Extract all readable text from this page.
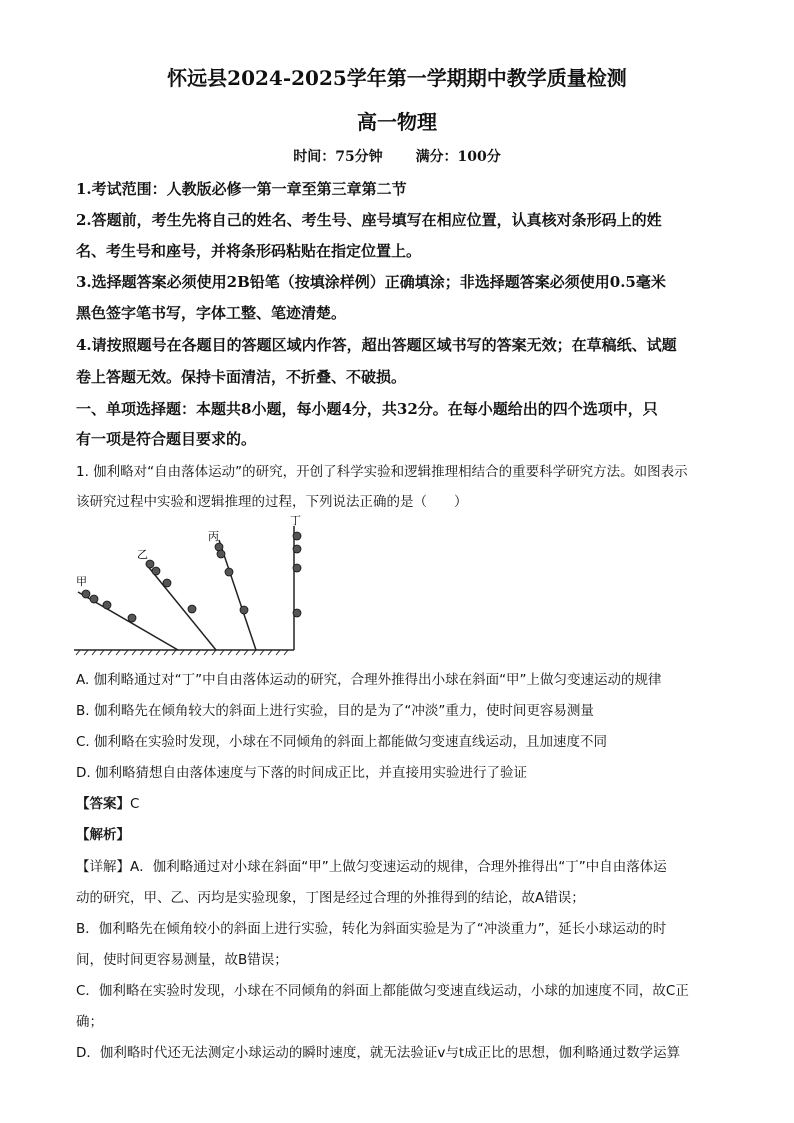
怀远县2024-2025学年第一学期期中教学质量检测
高一物理
时间：75分钟 满分：100分
1.考试范围：人教版必修一第一章至第三章第二节
2.答题前，考生先将自己的姓名、考生号、座号填写在相应位置，认真核对条形码上的姓
名、考生号和座号，并将条形码粘贴在指定位置上。
3.选择题答案必须使用2B铅笔（按填涂样例）正确填涂；非选择题答案必须使用0.5毫米
黑色签字笔书写，字体工整、笔迹清楚。
4.请按照题号在各题目的答题区域内作答，超出答题区域书写的答案无效；在草稿纸、试题
卷上答题无效。保持卡面清洁，不折叠、不破损。
一、单项选择题：本题共8小题，每小题4分，共32分。在每小题给出的四个选项中，只
有一项是符合题目要求的。
1. 伽利略对“自由落体运动”的研究，开创了科学实验和逻辑推理相结合的重要科学研究方法。如图表示
该研究过程中实验和逻辑推理的过程，下列说法正确的是（　　）
甲
乙
丙
丁
A. 伽利略通过对“丁”中自由落体运动的研究，合理外推得出小球在斜面“甲”上做匀变速运动的规律
B. 伽利略先在倾角较大的斜面上进行实验，目的是为了“冲淡”重力，使时间更容易测量
C. 伽利略在实验时发现，小球在不同倾角的斜面上都能做匀变速直线运动，且加速度不同
D. 伽利略猜想自由落体速度与下落的时间成正比，并直接用实验进行了验证
【答案】C
【解析】
【详解】A．伽利略通过对小球在斜面“甲”上做匀变速运动的规律，合理外推得出“丁”中自由落体运
动的研究，甲、乙、丙均是实验现象，丁图是经过合理的外推得到的结论，故A错误；
B．伽利略先在倾角较小的斜面上进行实验，转化为斜面实验是为了“冲淡重力”，延长小球运动的时
间，使时间更容易测量，故B错误；
C．伽利略在实验时发现，小球在不同倾角的斜面上都能做匀变速直线运动，小球的加速度不同，故C正
确；
D．伽利略时代还无法测定小球运动的瞬时速度，就无法验证v与t成正比的思想，伽利略通过数学运算
